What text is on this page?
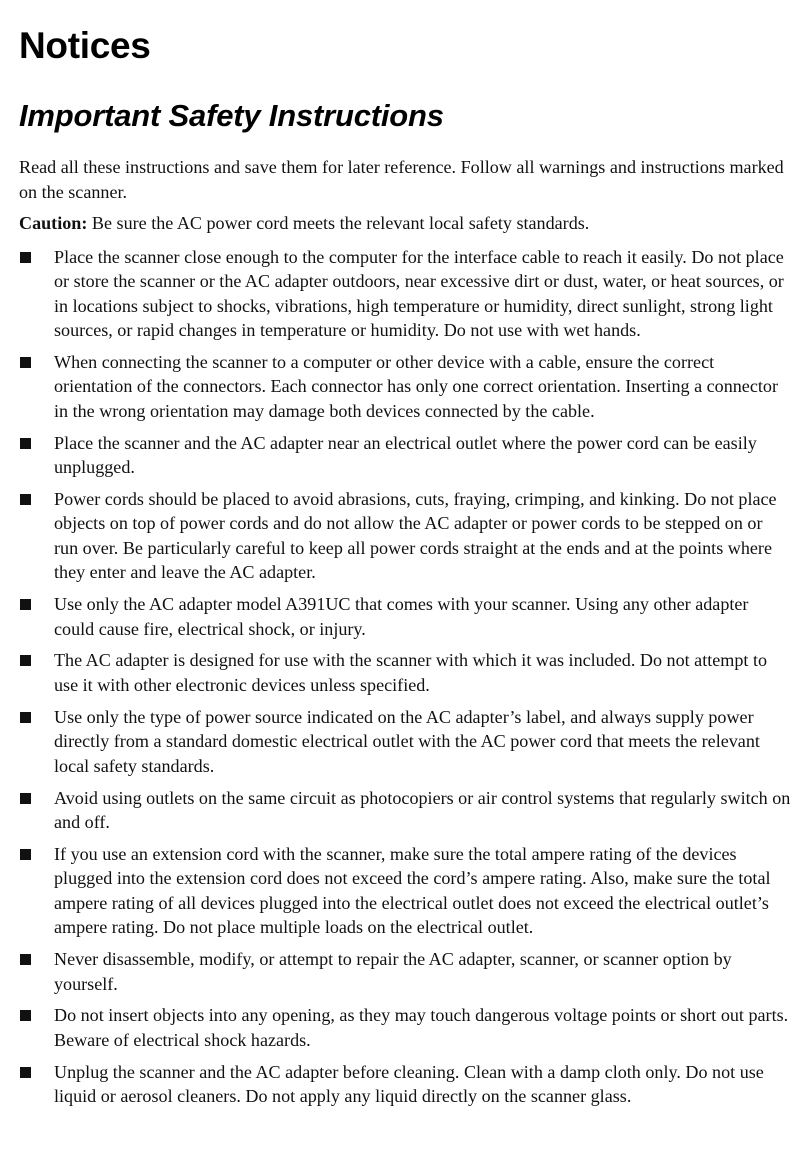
Notices
Important Safety Instructions

Read all these instructions and save them for later reference. Follow all warnings and instructions marked on the scanner.

Caution: Be sure the AC power cord meets the relevant local safety standards.

Place the scanner close enough to the computer for the interface cable to reach it easily. Do not place or store the scanner or the AC adapter outdoors, near excessive dirt or dust, water, or heat sources, or in locations subject to shocks, vibrations, high temperature or humidity, direct sunlight, strong light sources, or rapid changes in temperature or humidity. Do not use with wet hands.
When connecting the scanner to a computer or other device with a cable, ensure the correct orientation of the connectors. Each connector has only one correct orientation. Inserting a connector in the wrong orientation may damage both devices connected by the cable.
Place the scanner and the AC adapter near an electrical outlet where the power cord can be easily unplugged.
Power cords should be placed to avoid abrasions, cuts, fraying, crimping, and kinking. Do not place objects on top of power cords and do not allow the AC adapter or power cords to be stepped on or run over. Be particularly careful to keep all power cords straight at the ends and at the points where they enter and leave the AC adapter.
Use only the AC adapter model A391UC that comes with your scanner. Using any other adapter could cause fire, electrical shock, or injury.
The AC adapter is designed for use with the scanner with which it was included. Do not attempt to use it with other electronic devices unless specified.
Use only the type of power source indicated on the AC adapter’s label, and always supply power directly from a standard domestic electrical outlet with the AC power cord that meets the relevant local safety standards.
Avoid using outlets on the same circuit as photocopiers or air control systems that regularly switch on and off.
If you use an extension cord with the scanner, make sure the total ampere rating of the devices plugged into the extension cord does not exceed the cord’s ampere rating. Also, make sure the total ampere rating of all devices plugged into the electrical outlet does not exceed the electrical outlet’s ampere rating. Do not place multiple loads on the electrical outlet.
Never disassemble, modify, or attempt to repair the AC adapter, scanner, or scanner option by yourself.
Do not insert objects into any opening, as they may touch dangerous voltage points or short out parts. Beware of electrical shock hazards.
Unplug the scanner and the AC adapter before cleaning. Clean with a damp cloth only. Do not use liquid or aerosol cleaners. Do not apply any liquid directly on the scanner glass.
